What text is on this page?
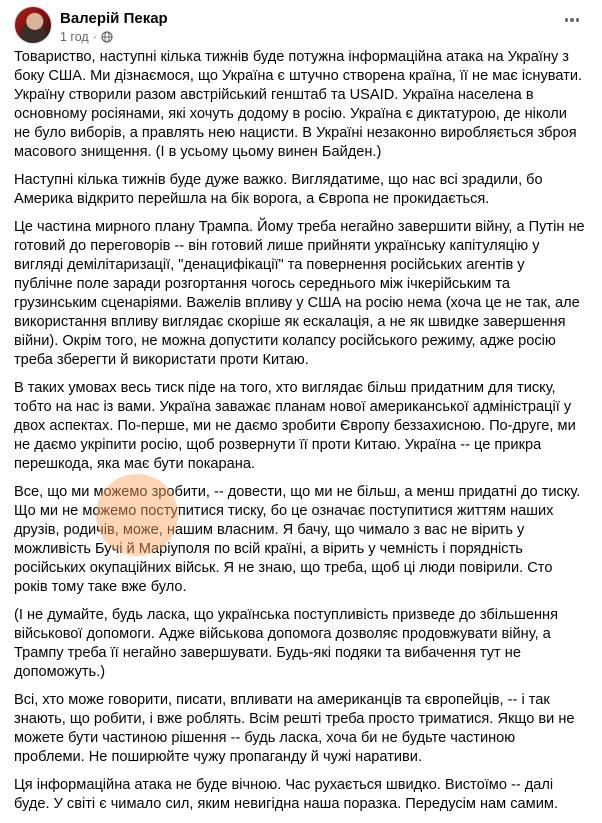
Валерій Пекар
1 год ·

Товариство, наступні кілька тижнів буде потужна інформаційна атака на Україну з боку США. Ми дізнаємося, що Україна є штучно створена країна, її не має існувати. Україну створили разом австрійський генштаб та USAID. Україна населена в основному росіянами, які хочуть додому в росію. Україна є диктатурою, де ніколи не було виборів, а правлять нею нацисти. В Україні незаконно виробляється зброя масового знищення. (І в усьому цьому винен Байден.)

Наступні кілька тижнів буде дуже важко. Виглядатиме, що нас всі зрадили, бо Америка відкрито перейшла на бік ворога, а Європа не прокидається.

Це частина мирного плану Трампа. Йому треба негайно завершити війну, а Путін не готовий до переговорів -- він готовий лише прийняти українську капітуляцію у вигляді демілітаризації, "денацифікації" та повернення російських агентів у публічне поле заради розгортання чогось середнього між ічкерійським та грузинським сценаріями. Важелів впливу у США на росію нема (хоча це не так, але використання впливу виглядає скоріше як ескалація, а не як швидке завершення війни). Окрім того, не можна допустити колапсу російського режиму, адже росію треба зберегти й використати проти Китаю.

В таких умовах весь тиск піде на того, хто виглядає більш придатним для тиску, тобто на нас із вами. Україна заважає планам нової американської адміністрації у двох аспектах. По-перше, ми не даємо зробити Європу беззахисною. По-друге, ми не даємо укріпити росію, щоб розвернути її проти Китаю. Україна -- це прикра перешкода, яка має бути покарана.

Все, що ми можемо зробити, -- довести, що ми не більш, а менш придатні до тиску. Що ми не можемо поступитися тиску, бо це означає поступитися життям наших друзів, родичів, може, нашим власним. Я бачу, що чимало з вас не вірить у можливість Бучі й Маріуполя по всій країні, а вірить у чемність і порядність російських окупаційних військ. Я не знаю, що треба, щоб ці люди повірили. Сто років тому таке вже було.

(І не думайте, будь ласка, що українська поступливість призведе до збільшення військової допомоги. Адже військова допомога дозволяє продовжувати війну, а Трампу треба її негайно завершувати. Будь-які подяки та вибачення тут не допоможуть.)

Всі, хто може говорити, писати, впливати на американців та європейців, -- і так знають, що робити, і вже роблять. Всім решті треба просто триматися. Якщо ви не можете бути частиною рішення -- будь ласка, хоча би не будьте частиною проблеми. Не поширюйте чужу пропаганду й чужі наративи.

Ця інформаційна атака не буде вічною. Час рухається швидко. Вистоїмо -- далі буде. У світі є чимало сил, яким невигідна наша поразка. Передусім нам самим.
